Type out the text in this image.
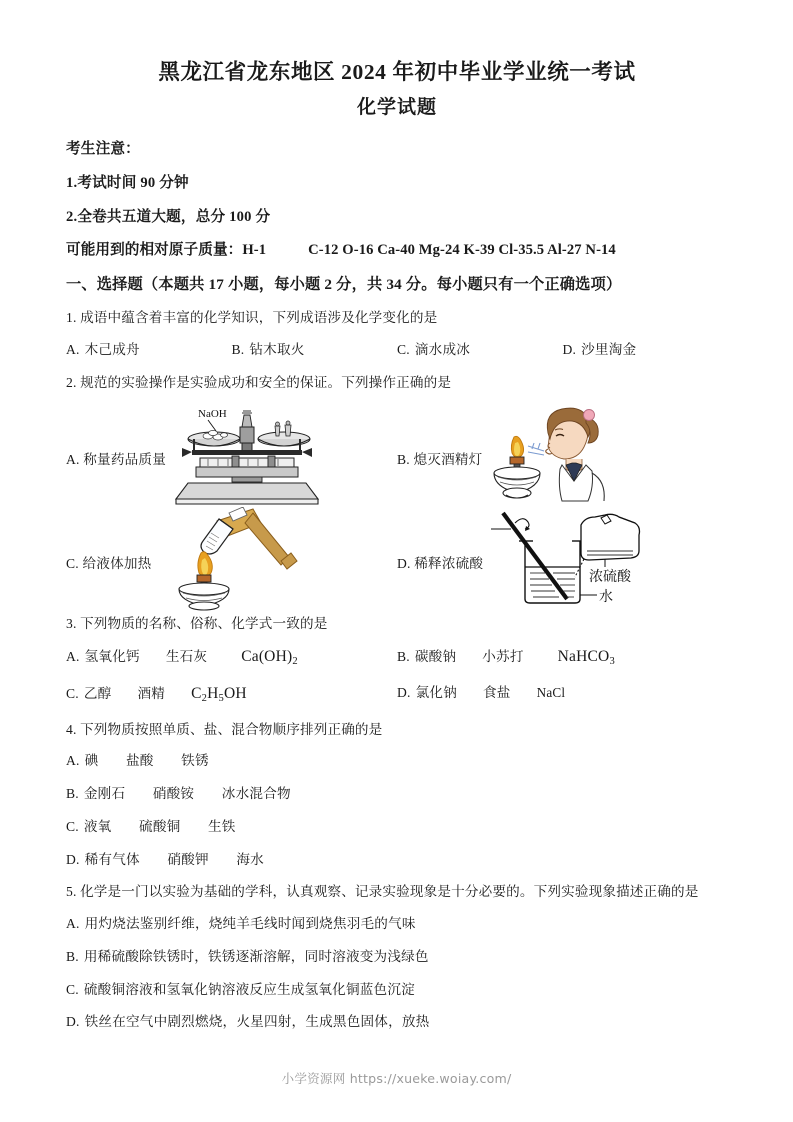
黑龙江省龙东地区 2024 年初中毕业学业统一考试
化学试题
考生注意：
1.考试时间 90 分钟
2.全卷共五道大题，总分 100 分
可能用到的相对原子质量：H-1	C-12 O-16 Ca-40 Mg-24 K-39 Cl-35.5 Al-27 N-14
一、选择题（本题共 17 小题，每小题 2 分，共 34 分。每小题只有一个正确选项）
1. 成语中蕴含着丰富的化学知识，下列成语涉及化学变化的是
A. 木己成舟	B. 钻木取火	C. 滴水成冰	D. 沙里淘金
2. 规范的实验操作是实验成功和安全的保证。下列操作正确的是
A. 称量药品质量
NaOH
B. 熄灭酒精灯
C. 给液体加热	D. 稀释浓硫酸
浓硫酸
水
3. 下列物质的名称、俗称、化学式一致的是
A. 氢氧化钙 生石灰 $Ca(OH)_2$	B. 碳酸钠 小苏打 NaHCO$_3$
C. 乙醇 酒精 $C_2H_5OH$	D. 氯化钠 食盐 NaCl
4. 下列物质按照单质、盐、混合物顺序排列正确的是
A. 碘　　盐酸　　铁锈
B. 金刚石　　硝酸铵　　冰水混合物
C. 液氧　　硫酸铜　　生铁
D. 稀有气体　　硝酸钾　　海水
5. 化学是一门以实验为基础的学科，认真观察、记录实验现象是十分必要的。下列实验现象描述正确的是
A. 用灼烧法鉴别纤维，烧纯羊毛线时闻到烧焦羽毛的气味
B. 用稀硫酸除铁锈时，铁锈逐渐溶解，同时溶液变为浅绿色
C. 硫酸铜溶液和氢氧化钠溶液反应生成氢氧化铜蓝色沉淀
D. 铁丝在空气中剧烈燃烧，火星四射，生成黑色固体，放热
小学资源网 https://xueke.woiay.com/
